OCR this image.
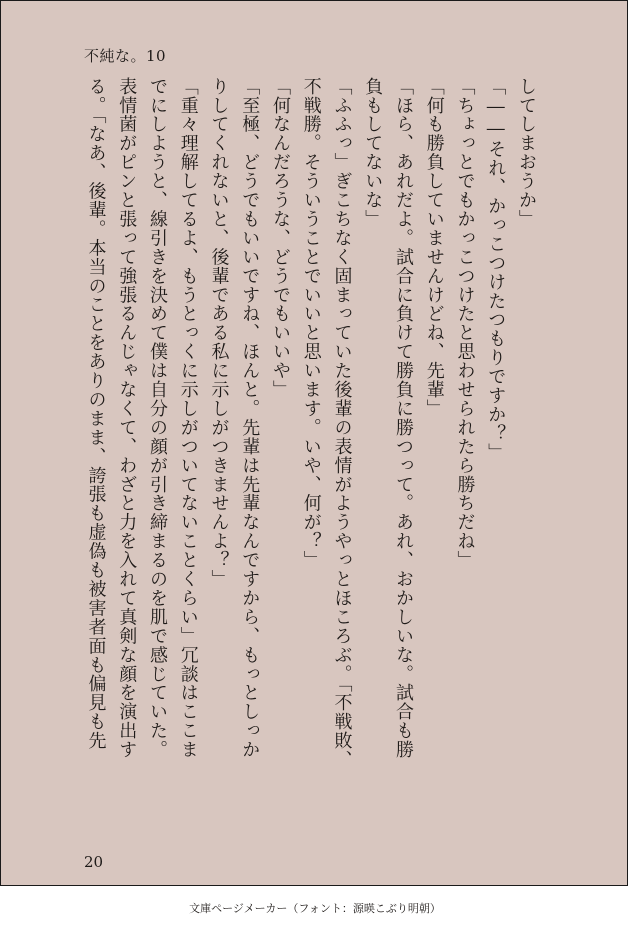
不純な。10
してしまおうか」
「――それ、かっこつけたつもりですか？」
「ちょっとでもかっこつけたと思わせられたら勝ちだね」
「何も勝負していませんけどね、先輩」
「ほら、あれだよ。試合に負けて勝負に勝つって。あれ、おかしいな。試合も勝
負もしてないな」
「ふふっ」ぎこちなく固まっていた後輩の表情がようやっとほころぶ。「不戦敗、
不戦勝。そういうことでいいと思います。いや、何が？」
「何なんだろうな、どうでもいいや」
「至極、どうでもいいですね、ほんと。先輩は先輩なんですから、もっとしっか
りしてくれないと、後輩である私に示しがつきませんよ？」
「重々理解してるよ、もうとっくに示しがついてないことくらい」冗談はここま
でにしようと、線引きを決めて僕は自分の顔が引き締まるのを肌で感じていた。
表情菌がピンと張って強張るんじゃなくて、わざと力を入れて真剣な顔を演出す
る。「なあ、後輩。本当のことをありのまま、誇張も虚偽も被害者面も偏見も先
20
文庫ページメーカー（フォント：源暎こぶり明朝）
